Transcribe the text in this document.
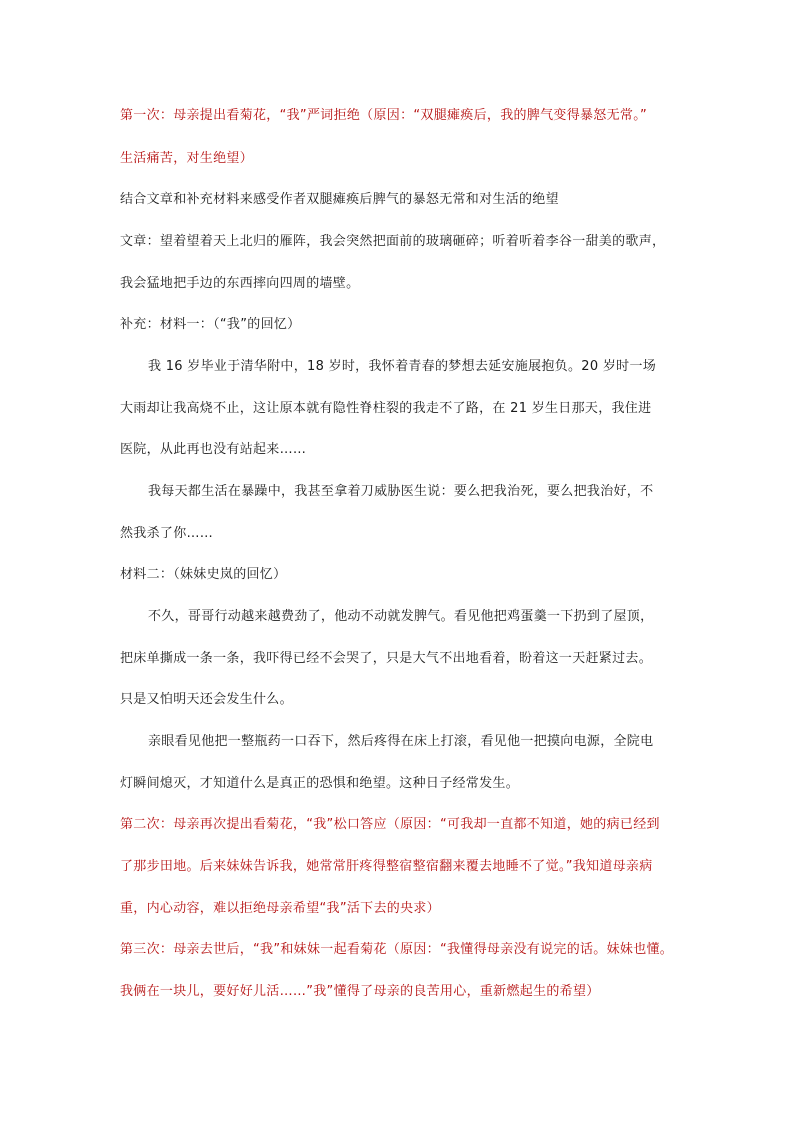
第一次：母亲提出看菊花，“我”严词拒绝（原因：“双腿瘫痪后，我的脾气变得暴怒无常。”
生活痛苦，对生绝望）
结合文章和补充材料来感受作者双腿瘫痪后脾气的暴怒无常和对生活的绝望
文章：望着望着天上北归的雁阵，我会突然把面前的玻璃砸碎；听着听着李谷一甜美的歌声，
我会猛地把手边的东西摔向四周的墙壁。
补充：材料一：（“我”的回忆）
我 16 岁毕业于清华附中，18 岁时，我怀着青春的梦想去延安施展抱负。20 岁时一场
大雨却让我高烧不止，这让原本就有隐性脊柱裂的我走不了路，在 21 岁生日那天，我住进
医院，从此再也没有站起来……
我每天都生活在暴躁中，我甚至拿着刀威胁医生说：要么把我治死，要么把我治好，不
然我杀了你……
材料二：（妹妹史岚的回忆）
不久，哥哥行动越来越费劲了，他动不动就发脾气。看见他把鸡蛋羹一下扔到了屋顶，
把床单撕成一条一条，我吓得已经不会哭了，只是大气不出地看着，盼着这一天赶紧过去。
只是又怕明天还会发生什么。
亲眼看见他把一整瓶药一口吞下，然后疼得在床上打滚，看见他一把摸向电源，全院电
灯瞬间熄灭，才知道什么是真正的恐惧和绝望。这种日子经常发生。
第二次：母亲再次提出看菊花，“我”松口答应（原因：“可我却一直都不知道，她的病已经到
了那步田地。后来妹妹告诉我，她常常肝疼得整宿整宿翻来覆去地睡不了觉。”我知道母亲病
重，内心动容，难以拒绝母亲希望“我”活下去的央求）
第三次：母亲去世后，“我”和妹妹一起看菊花（原因：“我懂得母亲没有说完的话。妹妹也懂。
我俩在一块儿，要好好儿活……”我”懂得了母亲的良苦用心，重新燃起生的希望）
